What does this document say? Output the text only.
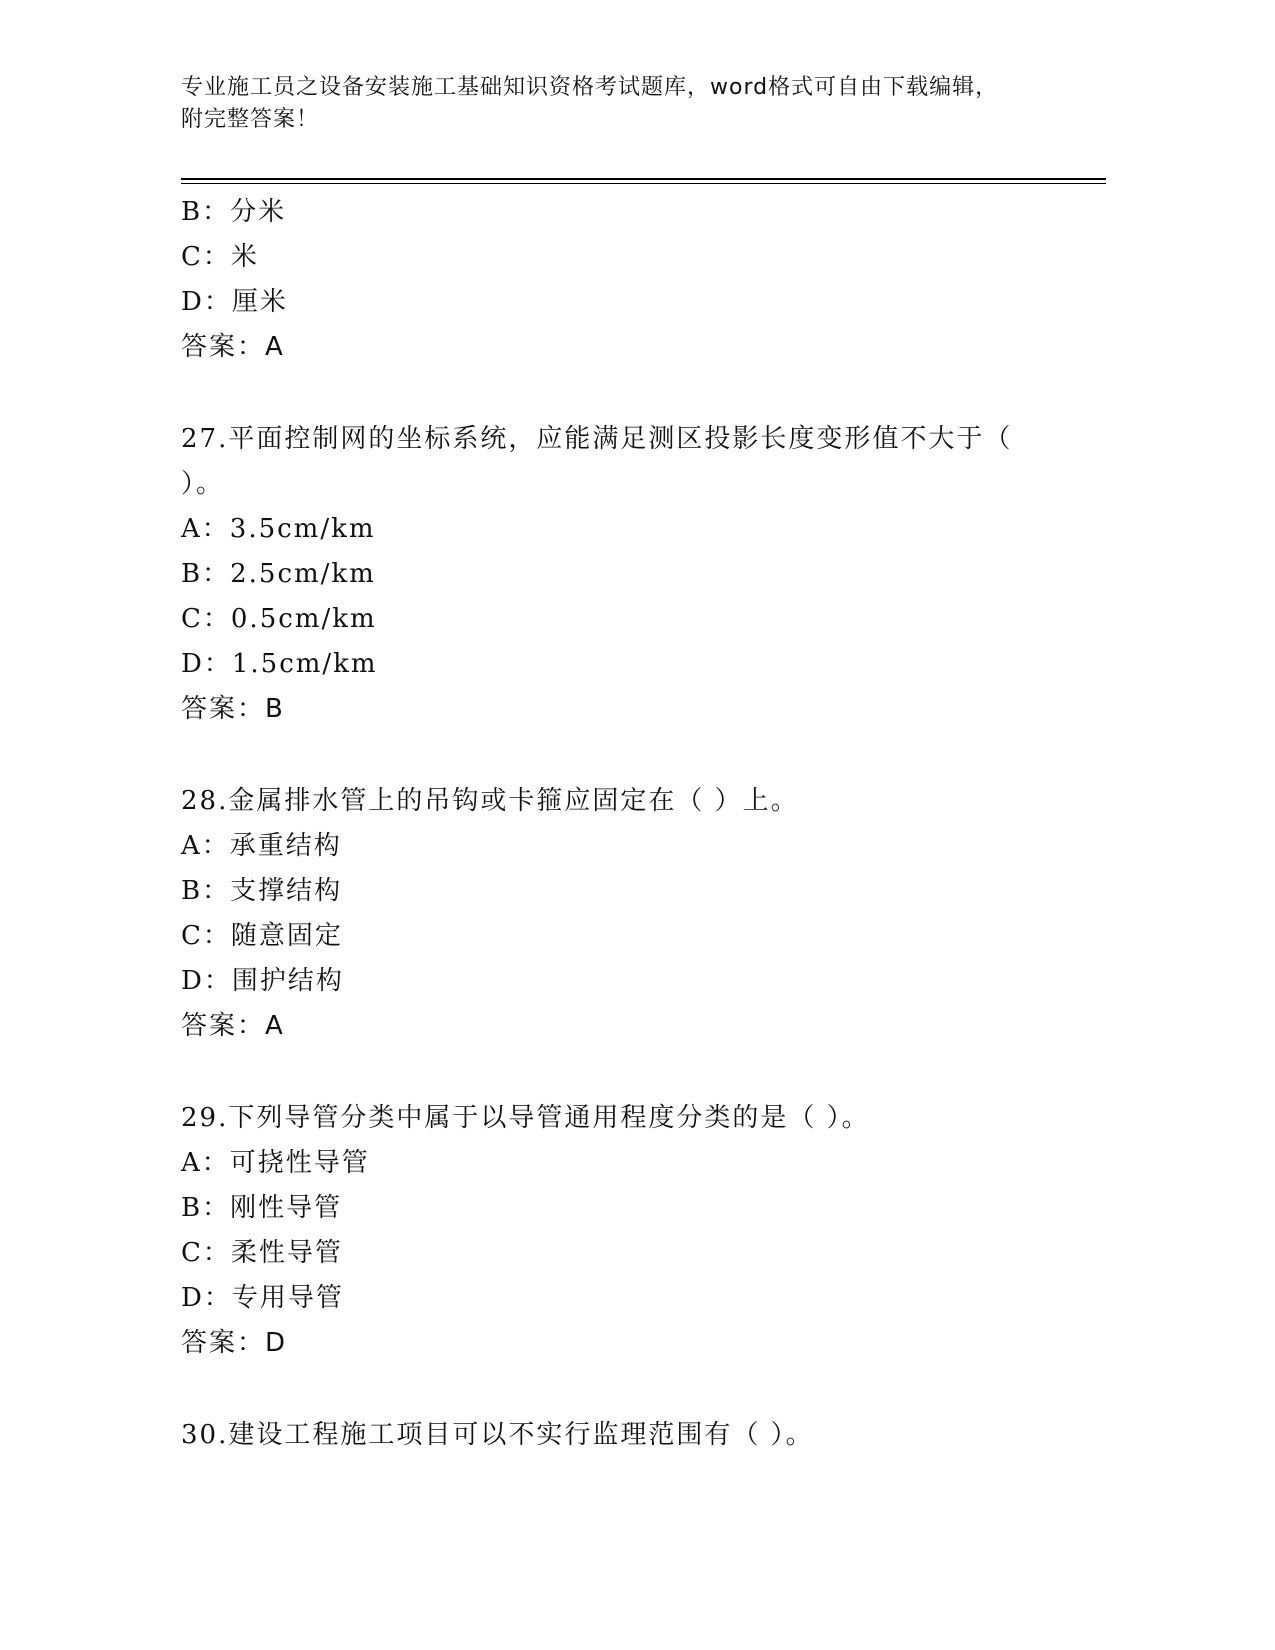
专业施工员之设备安装施工基础知识资格考试题库，word格式可自由下载编辑，
附完整答案！
B：分米
C：米
D：厘米
答案：A
27.平面控制网的坐标系统，应能满足测区投影长度变形值不大于（
）。
A：3.5cm/km
B：2.5cm/km
C：0.5cm/km
D：1.5cm/km
答案：B
28.金属排水管上的吊钩或卡箍应固定在（ ）上。
A：承重结构
B：支撑结构
C：随意固定
D：围护结构
答案：A
29.下列导管分类中属于以导管通用程度分类的是（ ）。
A：可挠性导管
B：刚性导管
C：柔性导管
D：专用导管
答案：D
30.建设工程施工项目可以不实行监理范围有（ ）。
